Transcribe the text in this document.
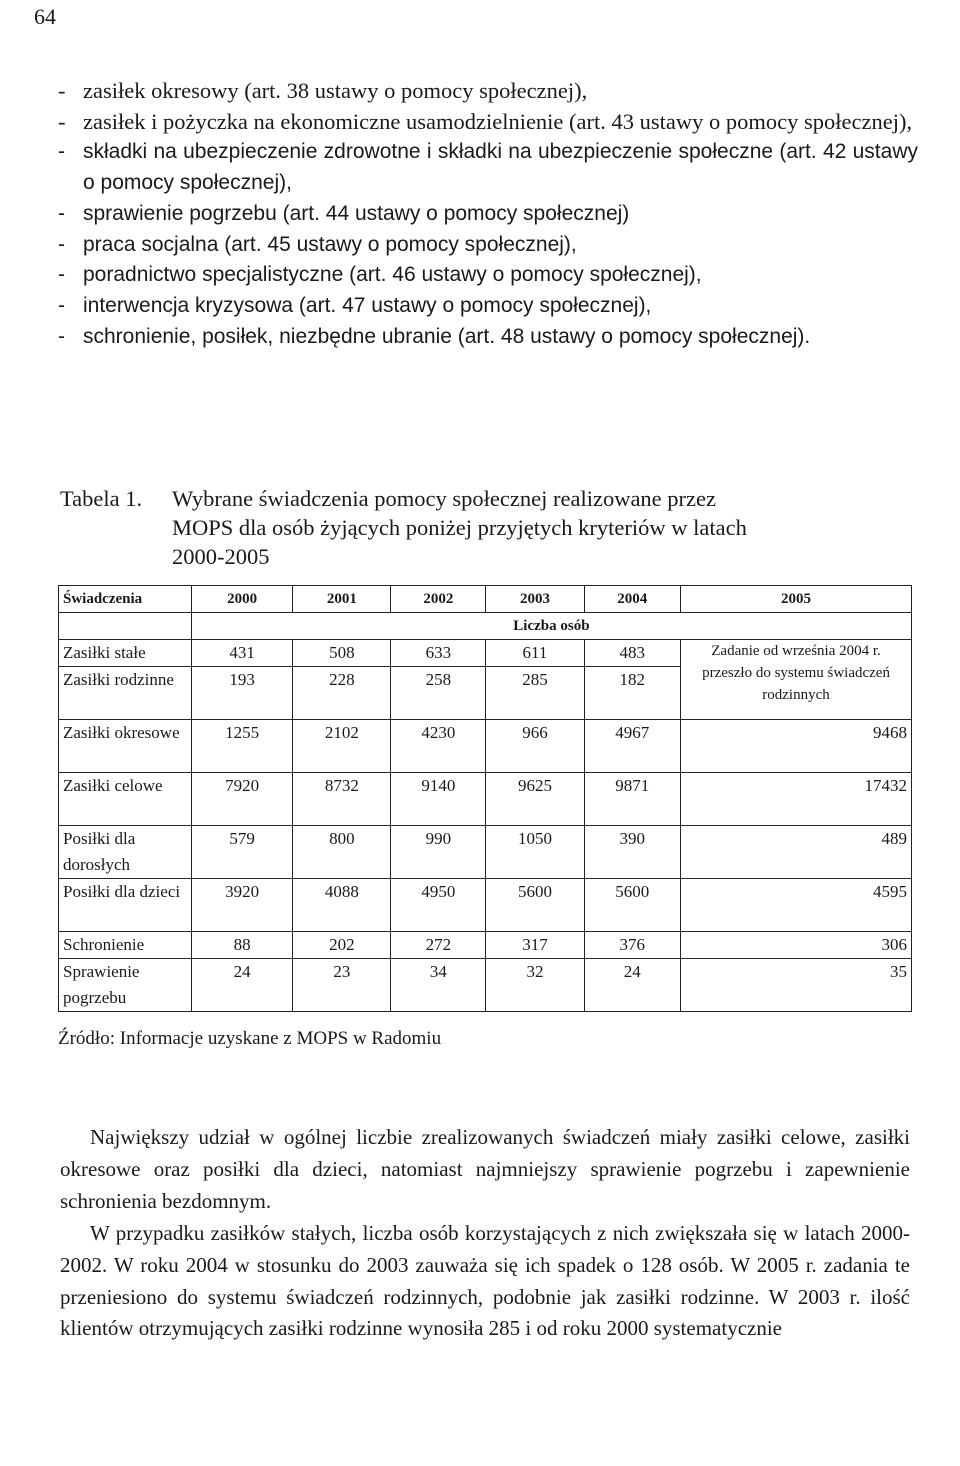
64
- zasiłek okresowy (art. 38 ustawy o pomocy społecznej),
- zasiłek i pożyczka na ekonomiczne usamodzielnienie (art. 43 ustawy o pomocy społecznej),
- składki na ubezpieczenie zdrowotne i składki na ubezpieczenie społeczne (art. 42 ustawy o pomocy społecznej),
- sprawienie pogrzebu (art. 44 ustawy o pomocy społecznej)
- praca socjalna (art. 45 ustawy o pomocy społecznej),
- poradnictwo specjalistyczne (art. 46 ustawy o pomocy społecznej),
- interwencja kryzysowa (art. 47 ustawy o pomocy społecznej),
- schronienie, posiłek, niezbędne ubranie (art. 48 ustawy o pomocy społecznej).
Tabela 1. Wybrane świadczenia pomocy społecznej realizowane przez
MOPS dla osób żyjących poniżej przyjętych kryteriów w latach
2000-2005
Świadczenia	2000	2001	2002	2003	2004	2005
	Liczba osób					
Zasiłki stałe	431	508	633	611	483	Zadanie od września 2004 r. przeszło do systemu świadczeń rodzinnych
Zasiłki rodzinne	193	228	258	285	182	
Zasiłki okresowe	1255	2102	4230	966	4967	9468
Zasiłki celowe	7920	8732	9140	9625	9871	17432
Posiłki dla dorosłych	579	800	990	1050	390	489
Posiłki dla dzieci	3920	4088	4950	5600	5600	4595
Schronienie	88	202	272	317	376	306
Sprawienie pogrzebu	24	23	34	32	24	35
Źródło: Informacje uzyskane z MOPS w Radomiu

Największy udział w ogólnej liczbie zrealizowanych świadczeń miały zasiłki celowe, zasiłki okresowe oraz posiłki dla dzieci, natomiast najmniejszy sprawienie pogrzebu i zapewnienie schronienia bezdomnym.

W przypadku zasiłków stałych, liczba osób korzystających z nich zwiększała się w latach 2000-2002. W roku 2004 w stosunku do 2003 zauważa się ich spadek o 128 osób. W 2005 r. zadania te przeniesiono do systemu świadczeń rodzinnych, podobnie jak zasiłki rodzinne. W 2003 r. ilość klientów otrzymujących zasiłki rodzinne wynosiła 285 i od roku 2000 systematycznie
